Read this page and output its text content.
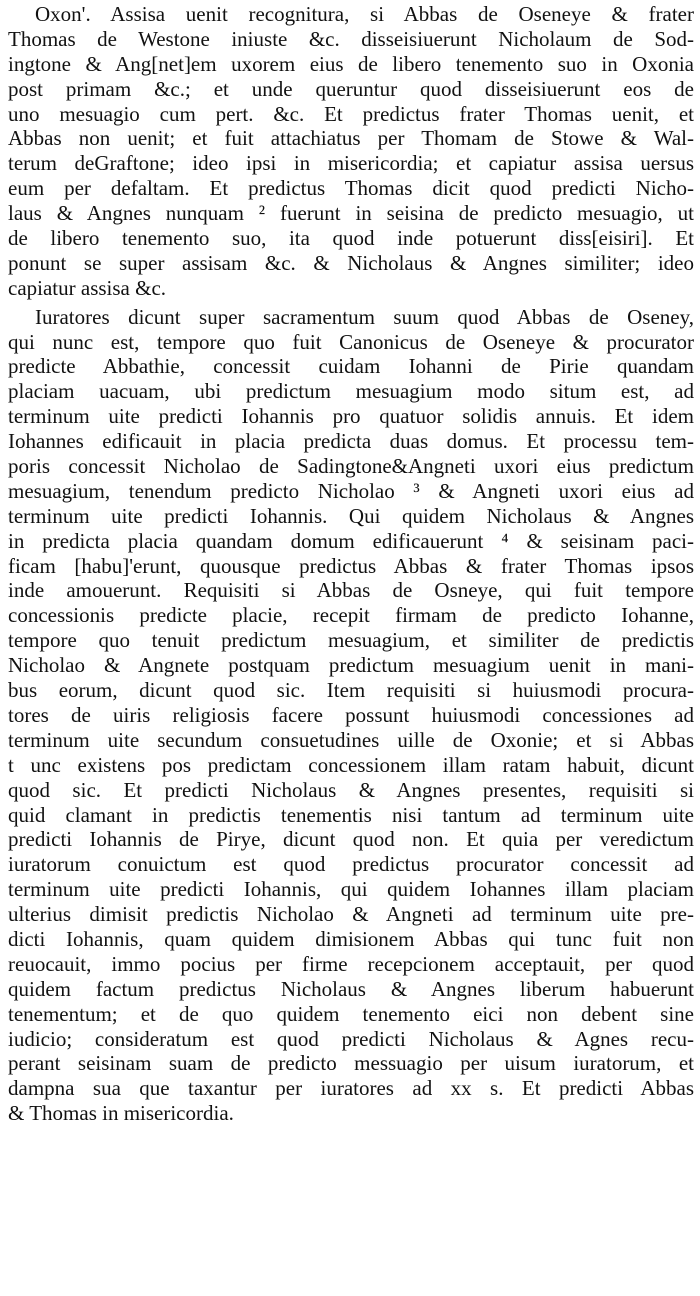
Oxon'. Assisa uenit recognitura, si Abbas de Oseneye & frater
Thomas de Westone iniuste &c. disseisiuerunt Nicholaum de Sod-
ingtone & Ang[net]em uxorem eius de libero tenemento suo in Oxonia
post primam &c.; et unde queruntur quod disseisiuerunt eos de
uno mesuagio cum pert. &c. Et predictus frater Thomas uenit, et
Abbas non uenit; et fuit attachiatus per Thomam de Stowe & Wal-
terum deGraftone; ideo ipsi in misericordia; et capiatur assisa uersus
eum per defaltam. Et predictus Thomas dicit quod predicti Nicho-
laus & Angnes nunquam ² fuerunt in seisina de predicto mesuagio, ut
de libero tenemento suo, ita quod inde potuerunt diss[eisiri]. Et
ponunt se super assisam &c. & Nicholaus & Angnes similiter; ideo
capiatur assisa &c.
Iuratores dicunt super sacramentum suum quod Abbas de Oseney,
qui nunc est, tempore quo fuit Canonicus de Oseneye & procurator
predicte Abbathie, concessit cuidam Iohanni de Pirie quandam
placiam uacuam, ubi predictum mesuagium modo situm est, ad
terminum uite predicti Iohannis pro quatuor solidis annuis. Et idem
Iohannes edificauit in placia predicta duas domus. Et processu tem-
poris concessit Nicholao de Sadingtone&Angneti uxori eius predictum
mesuagium, tenendum predicto Nicholao ³ & Angneti uxori eius ad
terminum uite predicti Iohannis. Qui quidem Nicholaus & Angnes
in predicta placia quandam domum edificauerunt ⁴ & seisinam paci-
ficam [habu]'erunt, quousque predictus Abbas & frater Thomas ipsos
inde amouerunt. Requisiti si Abbas de Osneye, qui fuit tempore
concessionis predicte placie, recepit firmam de predicto Iohanne,
tempore quo tenuit predictum mesuagium, et similiter de predictis
Nicholao & Angnete postquam predictum mesuagium uenit in mani-
bus eorum, dicunt quod sic. Item requisiti si huiusmodi procura-
tores de uiris religiosis facere possunt huiusmodi concessiones ad
terminum uite secundum consuetudines uille de Oxonie; et si Abbas
t unc existens pos predictam concessionem illam ratam habuit, dicunt
quod sic. Et predicti Nicholaus & Angnes presentes, requisiti si
quid clamant in predictis tenementis nisi tantum ad terminum uite
predicti Iohannis de Pirye, dicunt quod non. Et quia per veredictum
iuratorum conuictum est quod predictus procurator concessit ad
terminum uite predicti Iohannis, qui quidem Iohannes illam placiam
ulterius dimisit predictis Nicholao & Angneti ad terminum uite pre-
dicti Iohannis, quam quidem dimisionem Abbas qui tunc fuit non
reuocauit, immo pocius per firme recepcionem acceptauit, per quod
quidem factum predictus Nicholaus & Angnes liberum habuerunt
tenementum; et de quo quidem tenemento eici non debent sine
iudicio; consideratum est quod predicti Nicholaus & Agnes recu-
perant seisinam suam de predicto messuagio per uisum iuratorum, et
dampna sua que taxantur per iuratores ad xx s. Et predicti Abbas
& Thomas in misericordia.
